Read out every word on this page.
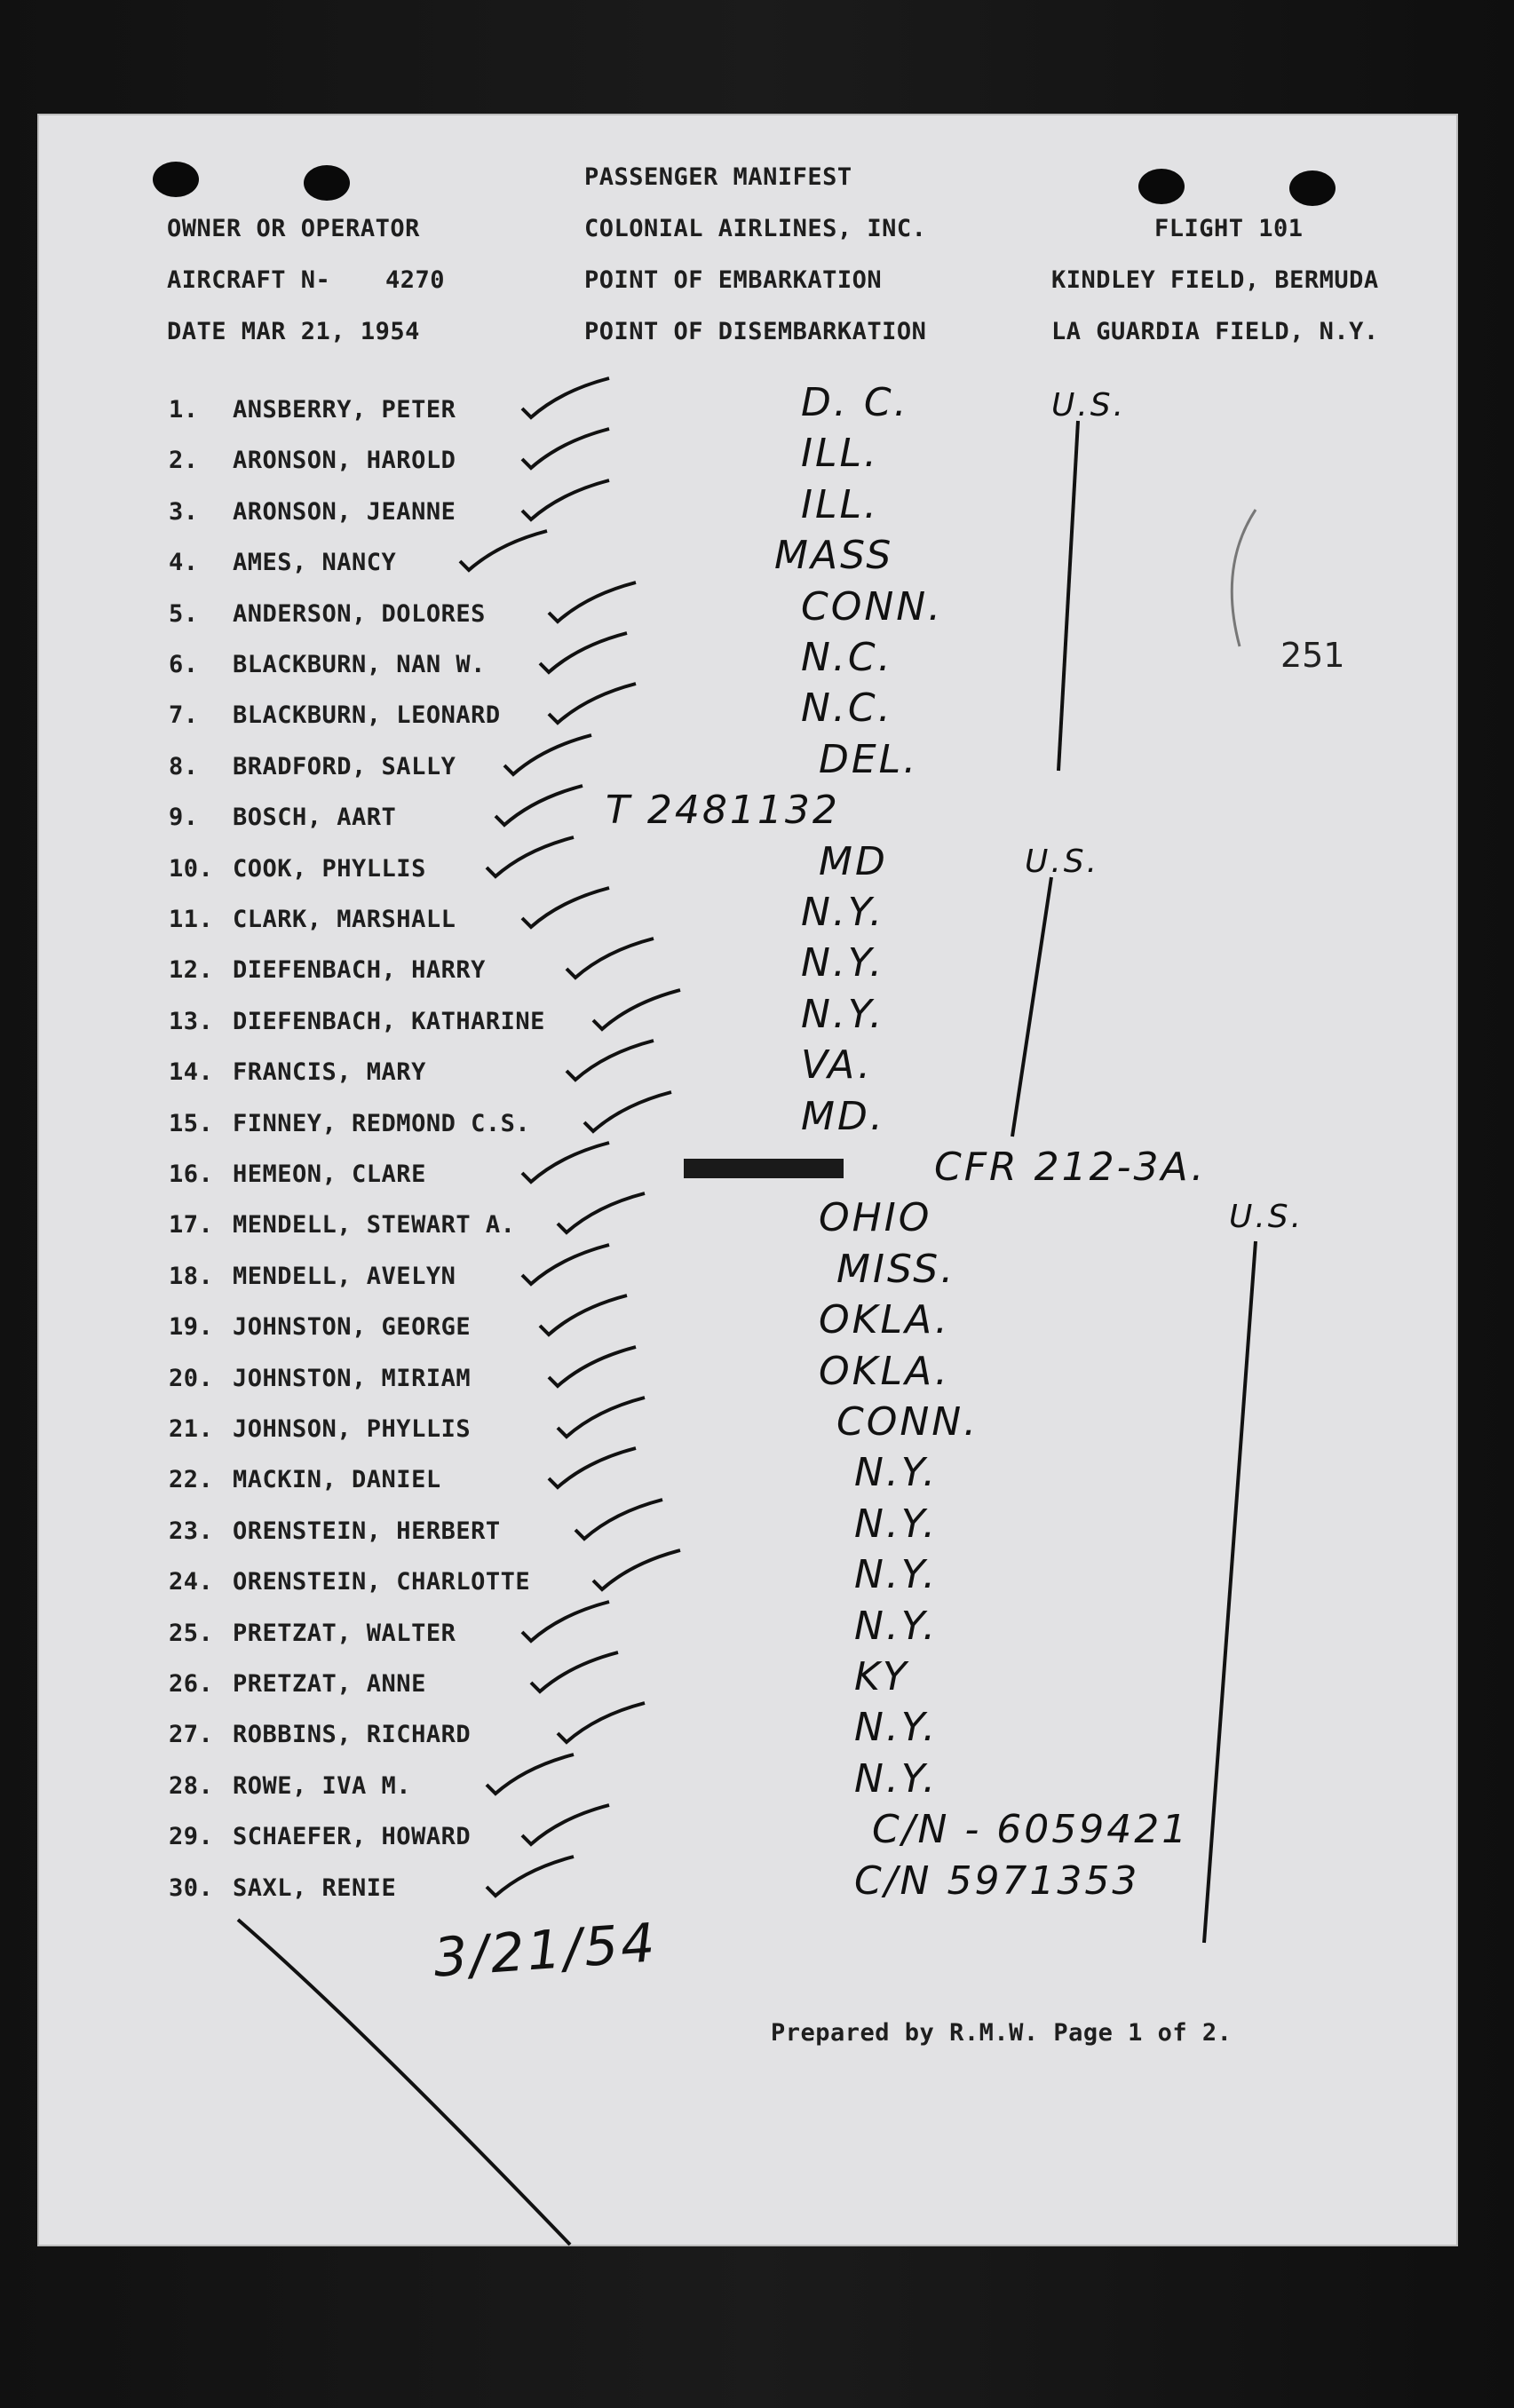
PASSENGER MANIFEST
OWNER OR OPERATOR	COLONIAL AIRLINES, INC.	FLIGHT 101
AIRCRAFT N- 4270	POINT OF EMBARKATION	KINDLEY FIELD, BERMUDA
DATE MAR 21, 1954	POINT OF DISEMBARKATION	LA GUARDIA FIELD, N.Y.
251
1. ANSBERRY, PETER	D. C.
2. ARONSON, HAROLD	ILL.
3. ARONSON, JEANNE	ILL.
4. AMES, NANCY	MASS
5. ANDERSON, DOLORES	CONN.
6. BLACKBURN, NAN W.	N.C.
7. BLACKBURN, LEONARD	N.C.
8. BRADFORD, SALLY	DEL.
9. BOSCH, AART	T 2481132
10. COOK, PHYLLIS	MD
11. CLARK, MARSHALL	N.Y.
12. DIEFENBACH, HARRY	N.Y.
13. DIEFENBACH, KATHARINE	N.Y.
14. FRANCIS, MARY	VA.
15. FINNEY, REDMOND C.S.	MD.
16. HEMEON, CLARE	CFR 212-3A.
17. MENDELL, STEWART A.	OHIO
18. MENDELL, AVELYN	MISS.
19. JOHNSTON, GEORGE	OKLA.
20. JOHNSTON, MIRIAM	OKLA.
21. JOHNSON, PHYLLIS	CONN.
22. MACKIN, DANIEL	N.Y.
23. ORENSTEIN, HERBERT	N.Y.
24. ORENSTEIN, CHARLOTTE	N.Y.
25. PRETZAT, WALTER	N.Y.
26. PRETZAT, ANNE	KY
27. ROBBINS, RICHARD	N.Y.
28. ROWE, IVA M.	N.Y.
29. SCHAEFER, HOWARD	C/N - 6059421
30. SAXL, RENIE	C/N 5971353
U.S.
U.S.
U.S.
3/21/54
Prepared by R.M.W. Page 1 of 2.
